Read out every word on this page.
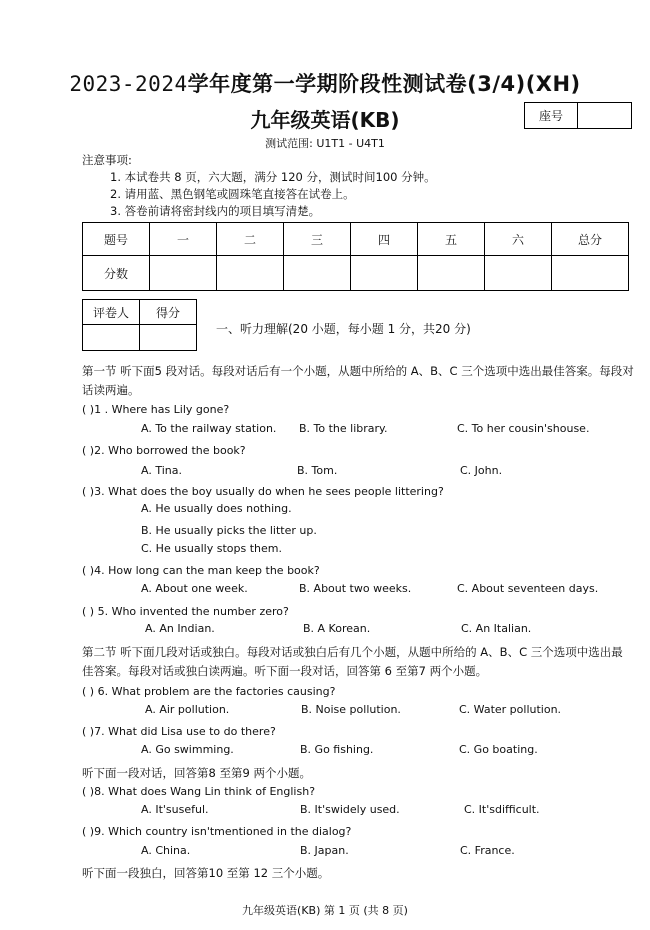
2023-2024学年度第一学期阶段性测试卷(3/4)(XH)
九年级英语(KB)	座号
测试范围: U1T1 - U4T1
注意事项:
1. 本试卷共 8 页，六大题，满分 120 分，测试时间100 分钟。
2. 请用蓝、黑色钢笔或圆珠笔直接答在试卷上。
3. 答卷前请将密封线内的项目填写清楚。
题号	一	二	三	四	五	六	总分
分数							
评卷人	得分

一、听力理解(20 小题，每小题 1 分，共20 分)
第一节 听下面5 段对话。每段对话后有一个小题，从题中所给的 A、B、C 三个选项中选出最佳答案。每段对话读两遍。
( )1 . Where has Lily gone?
A. To the railway station. B. To the library.	C. To her cousin'shouse.
( )2. Who borrowed the book?
A. Tina.	B. Tom.	C. John.
( )3. What does the boy usually do when he sees people littering?
A. He usually does nothing.
B. He usually picks the litter up.
C. He usually stops them.
( )4. How long can the man keep the book?
A. About one week.	B. About two weeks.	C. About seventeen days.
( ) 5. Who invented the number zero?
A. An Indian.	B. A Korean.	C. An Italian.
第二节 听下面几段对话或独白。每段对话或独白后有几个小题，从题中所给的 A、B、C 三个选项中选出最佳答案。每段对话或独白读两遍。听下面一段对话，回答第 6 至第7 两个小题。
( ) 6. What problem are the factories causing?
A. Air pollution.	B. Noise pollution.	C. Water pollution.
( )7. What did Lisa use to do there?
A. Go swimming.	B. Go fishing.	C. Go boating.
听下面一段对话，回答第8 至第9 两个小题。
( )8. What does Wang Lin think of English?
A. It'suseful.	B. It'swidely used.	C. It'sdifficult.
( )9. Which country isn'tmentioned in the dialog?
A. China.	B. Japan.	C. France.
听下面一段独白，回答第10 至第 12 三个小题。
九年级英语(KB) 第 1 页 (共 8 页)
